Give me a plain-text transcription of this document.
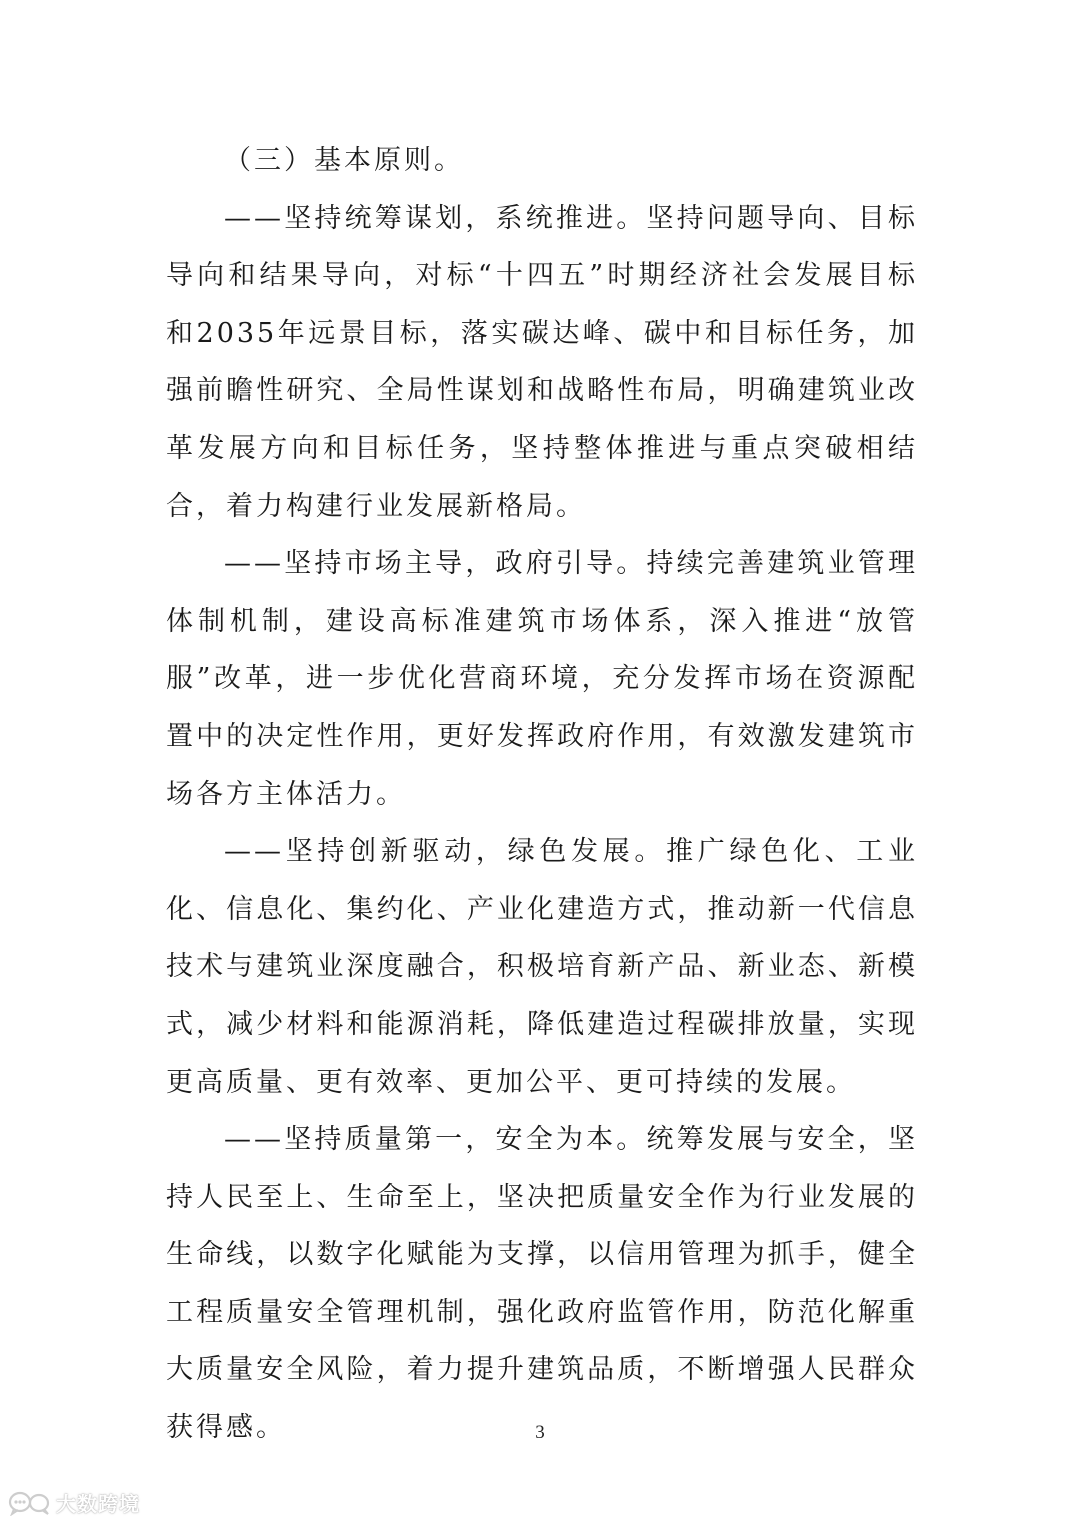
（三）基本原则。

——坚持统筹谋划，系统推进。坚持问题导向、目标导向和结果导向，对标“十四五”时期经济社会发展目标和2035年远景目标，落实碳达峰、碳中和目标任务，加强前瞻性研究、全局性谋划和战略性布局，明确建筑业改革发展方向和目标任务，坚持整体推进与重点突破相结合，着力构建行业发展新格局。

——坚持市场主导，政府引导。持续完善建筑业管理体制机制，建设高标准建筑市场体系，深入推进“放管服”改革，进一步优化营商环境，充分发挥市场在资源配置中的决定性作用，更好发挥政府作用，有效激发建筑市场各方主体活力。

——坚持创新驱动，绿色发展。推广绿色化、工业化、信息化、集约化、产业化建造方式，推动新一代信息技术与建筑业深度融合，积极培育新产品、新业态、新模式，减少材料和能源消耗，降低建造过程碳排放量，实现更高质量、更有效率、更加公平、更可持续的发展。

——坚持质量第一，安全为本。统筹发展与安全，坚持人民至上、生命至上，坚决把质量安全作为行业发展的生命线，以数字化赋能为支撑，以信用管理为抓手，健全工程质量安全管理机制，强化政府监管作用，防范化解重大质量安全风险，着力提升建筑品质，不断增强人民群众获得感。	3
大数跨境
